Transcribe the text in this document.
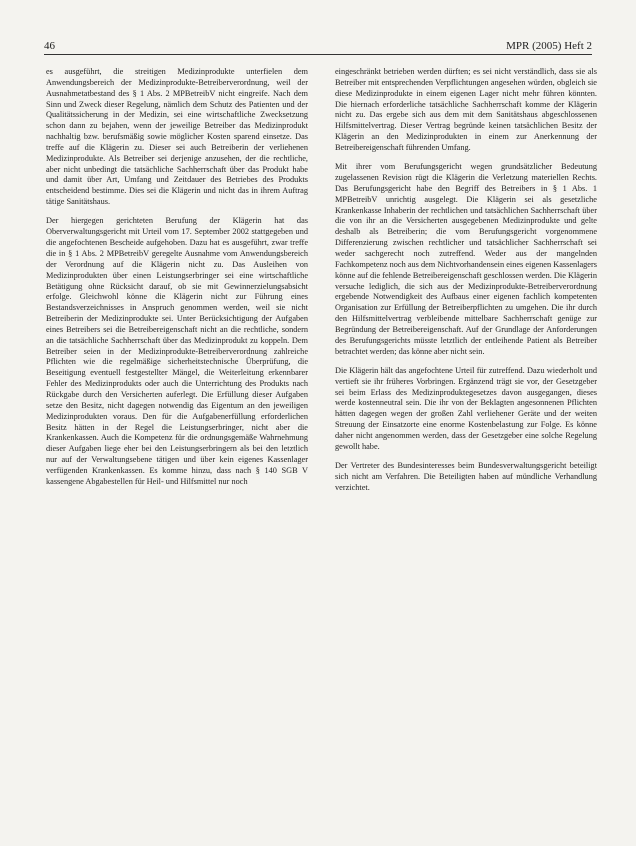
46	MPR (2005) Heft 2

es ausgeführt, die streitigen Medizinprodukte unterfielen dem Anwendungsbereich der Medizinprodukte-Betreiberverordnung, weil der Ausnahmetatbestand des § 1 Abs. 2 MPBetreibV nicht eingreife. Nach dem Sinn und Zweck dieser Regelung, nämlich dem Schutz des Patienten und der Qualitätssicherung in der Medizin, sei eine wirtschaftliche Zwecksetzung schon dann zu bejahen, wenn der jeweilige Betreiber das Medizinprodukt nachhaltig bzw. berufsmäßig sowie möglicher Kosten sparend einsetze. Das treffe auf die Klägerin zu. Dieser sei auch Betreiberin der verliehenen Medizinprodukte. Als Betreiber sei derjenige anzusehen, der die rechtliche, aber nicht unbedingt die tatsächliche Sachherrschaft über das Produkt habe und damit über Art, Umfang und Zeitdauer des Betriebes des Produkts entscheidend bestimme. Dies sei die Klägerin und nicht das in ihrem Auftrag tätige Sanitätshaus.

Der hiergegen gerichteten Berufung der Klägerin hat das Oberverwaltungsgericht mit Urteil vom 17. September 2002 stattgegeben und die angefochtenen Bescheide aufgehoben. Dazu hat es ausgeführt, zwar treffe die in § 1 Abs. 2 MPBetreibV geregelte Ausnahme vom Anwendungsbereich der Verordnung auf die Klägerin nicht zu. Das Ausleihen von Medizinprodukten über einen Leistungserbringer sei eine wirtschaftliche Betätigung ohne Rücksicht darauf, ob sie mit Gewinnerzielungsabsicht erfolge. Gleichwohl könne die Klägerin nicht zur Führung eines Bestandsverzeichnisses in Anspruch genommen werden, weil sie nicht Betreiberin der Medizinprodukte sei. Unter Berücksichtigung der Aufgaben eines Betreibers sei die Betreibereigenschaft nicht an die rechtliche, sondern an die tatsächliche Sachherrschaft über das Medizinprodukt zu koppeln. Dem Betreiber seien in der Medizinprodukte-Betreiberverordnung zahlreiche Pflichten wie die regelmäßige sicherheitstechnische Überprüfung, die Beseitigung eventuell festgestellter Mängel, die Weiterleitung erkennbarer Fehler des Medizinprodukts oder auch die Unterrichtung des Produkts nach Rückgabe durch den Versicherten auferlegt. Die Erfüllung dieser Aufgaben setze den Besitz, nicht dagegen notwendig das Eigentum an den jeweiligen Medizinprodukten voraus. Den für die Aufgabenerfüllung erforderlichen Besitz hätten in der Regel die Leistungserbringer, nicht aber die Krankenkassen. Auch die Kompetenz für die ordnungsgemäße Wahrnehmung dieser Aufgaben liege eher bei den Leistungserbringern als bei den letztlich nur auf der Verwaltungsebene tätigen und über kein eigenes Kassenlager verfügenden Krankenkassen. Es komme hinzu, dass nach § 140 SGB V kassengene Abgabestellen für Heil- und Hilfsmittel nur noch

eingeschränkt betrieben werden dürften; es sei nicht verständlich, dass sie als Betreiber mit entsprechenden Verpflichtungen angesehen würden, obgleich sie diese Medizinprodukte in einem eigenen Lager nicht mehr führen könnten. Die hiernach erforderliche tatsächliche Sachherrschaft komme der Klägerin nicht zu. Das ergebe sich aus dem mit dem Sanitätshaus abgeschlossenen Hilfsmittelvertrag. Dieser Vertrag begründe keinen tatsächlichen Besitz der Klägerin an den Medizinprodukten in einem zur Anerkennung der Betreibereigenschaft führenden Umfang.

Mit ihrer vom Berufungsgericht wegen grundsätzlicher Bedeutung zugelassenen Revision rügt die Klägerin die Verletzung materiellen Rechts. Das Berufungsgericht habe den Begriff des Betreibers in § 1 Abs. 1 MPBetreibV unrichtig ausgelegt. Die Klägerin sei als gesetzliche Krankenkasse Inhaberin der rechtlichen und tatsächlichen Sachherrschaft über die von ihr an die Versicherten ausgegebenen Medizinprodukte und gelte deshalb als Betreiberin; die vom Berufungsgericht vorgenommene Differenzierung zwischen rechtlicher und tatsächlicher Sachherrschaft sei weder sachgerecht noch zutreffend. Weder aus der mangelnden Fachkompetenz noch aus dem Nichtvorhandensein eines eigenen Kassenlagers könne auf die fehlende Betreibereigenschaft geschlossen werden. Die Klägerin versuche lediglich, die sich aus der Medizinprodukte-Betreiberverordnung ergebende Notwendigkeit des Aufbaus einer eigenen fachlich kompetenten Organisation zur Erfüllung der Betreiberpflichten zu umgehen. Die ihr durch den Hilfsmittelvertrag verbleibende mittelbare Sachherrschaft genüge zur Begründung der Betreibereigenschaft. Auf der Grundlage der Anforderungen des Berufungsgerichts müsste letztlich der entleihende Patient als Betreiber betrachtet werden; das könne aber nicht sein.

Die Klägerin hält das angefochtene Urteil für zutreffend. Dazu wiederholt und vertieft sie ihr früheres Vorbringen. Ergänzend trägt sie vor, der Gesetzgeber sei beim Erlass des Medizinproduktegesetzes davon ausgegangen, dieses werde kostenneutral sein. Die ihr von der Beklagten angesonnenen Pflichten hätten dagegen wegen der großen Zahl verliehener Geräte und der weiten Streuung der Einsatzorte eine enorme Kostenbelastung zur Folge. Es könne daher nicht angenommen werden, dass der Gesetzgeber eine solche Regelung gewollt habe.

Der Vertreter des Bundesinteresses beim Bundesverwaltungsgericht beteiligt sich nicht am Verfahren. Die Beteiligten haben auf mündliche Verhandlung verzichtet.
